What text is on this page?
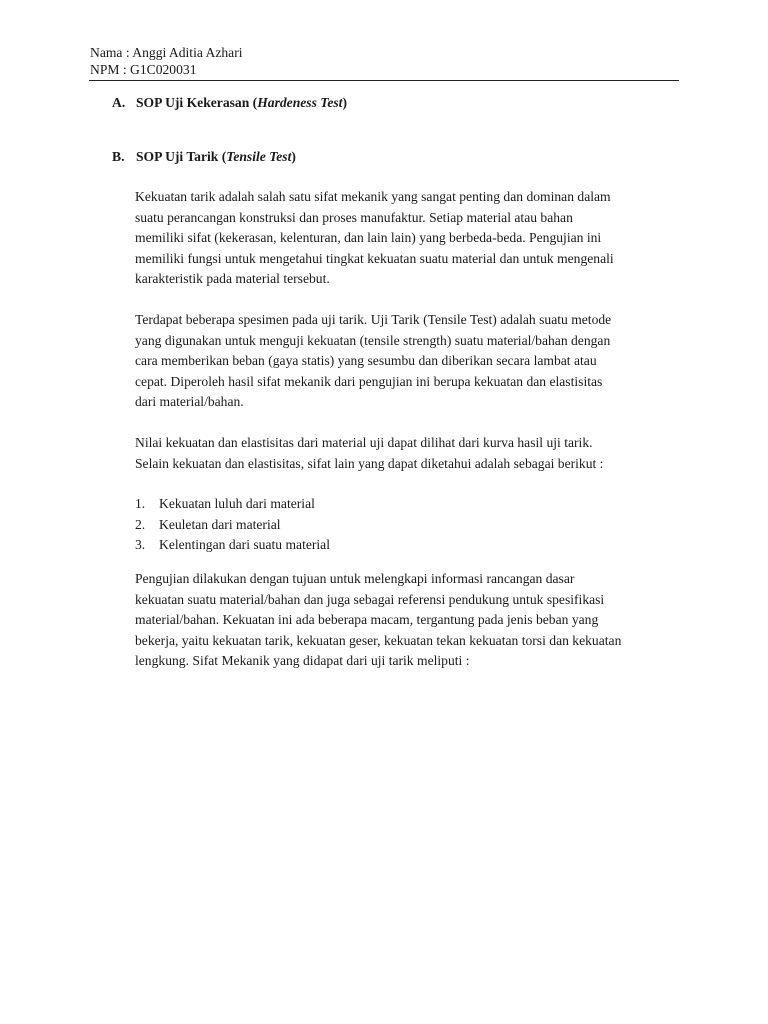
Nama : Anggi Aditia Azhari
NPM : G1C020031
A. SOP Uji Kekerasan (Hardeness Test)
B. SOP Uji Tarik (Tensile Test)
Kekuatan tarik adalah salah satu sifat mekanik yang sangat penting dan dominan dalam
suatu perancangan konstruksi dan proses manufaktur. Setiap material atau bahan
memiliki sifat (kekerasan, kelenturan, dan lain lain) yang berbeda-beda. Pengujian ini
memiliki fungsi untuk mengetahui tingkat kekuatan suatu material dan untuk mengenali
karakteristik pada material tersebut.
Terdapat beberapa spesimen pada uji tarik. Uji Tarik (Tensile Test) adalah suatu metode
yang digunakan untuk menguji kekuatan (tensile strength) suatu material/bahan dengan
cara memberikan beban (gaya statis) yang sesumbu dan diberikan secara lambat atau
cepat. Diperoleh hasil sifat mekanik dari pengujian ini berupa kekuatan dan elastisitas
dari material/bahan.
Nilai kekuatan dan elastisitas dari material uji dapat dilihat dari kurva hasil uji tarik.
Selain kekuatan dan elastisitas, sifat lain yang dapat diketahui adalah sebagai berikut :
1. Kekuatan luluh dari material
2. Keuletan dari material
3. Kelentingan dari suatu material
Pengujian dilakukan dengan tujuan untuk melengkapi informasi rancangan dasar
kekuatan suatu material/bahan dan juga sebagai referensi pendukung untuk spesifikasi
material/bahan. Kekuatan ini ada beberapa macam, tergantung pada jenis beban yang
bekerja, yaitu kekuatan tarik, kekuatan geser, kekuatan tekan kekuatan torsi dan kekuatan
lengkung. Sifat Mekanik yang didapat dari uji tarik meliputi :
